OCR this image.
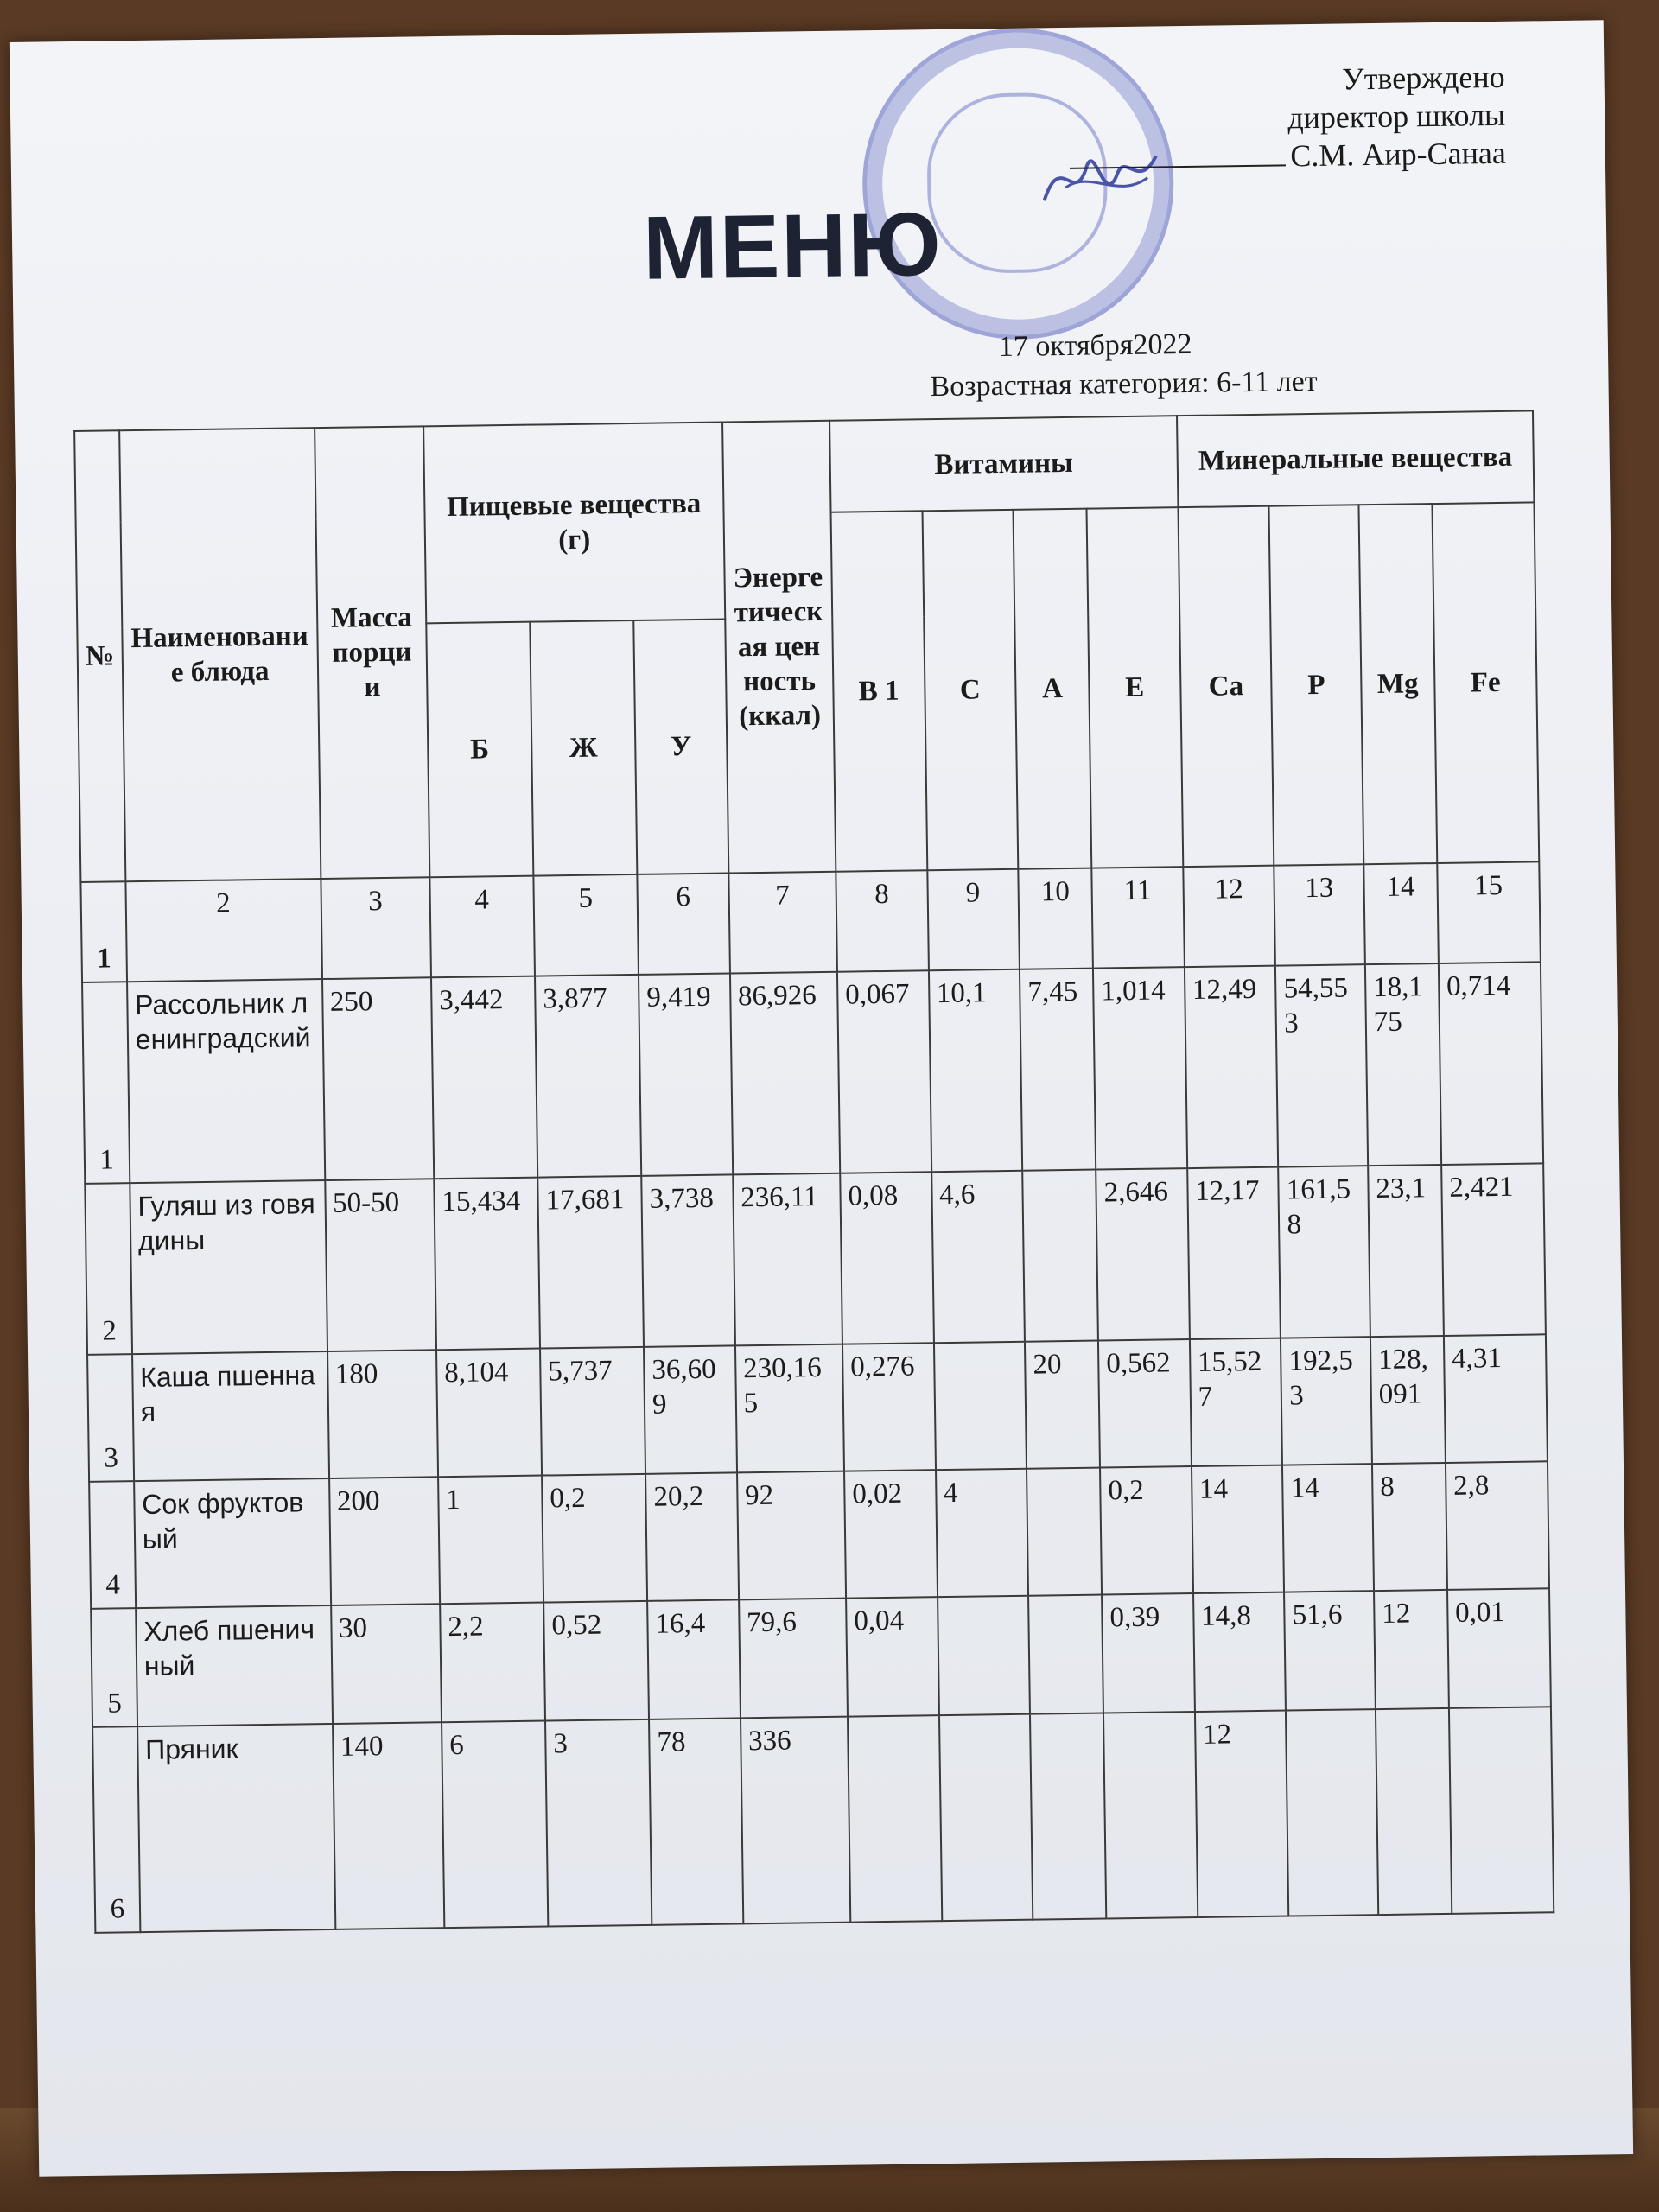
Утверждено
директор школы
С.М. Аир-Санаа
МЕНЮ
17 октября2022
Возрастная категория: 6-11 лет
№	Наименование блюда	Масса порции	Пищевые вещества (г)			Энергетическая ценность (ккал)	Витамины				Минеральные вещества			
							В 1	С	А	Е	Ca	Р	Мg	Fe
			Б	Ж	У									
1	2	3	4	5	6	7	8	9	10	11	12	13	14	15
1	Рассольник ленинградский	250	3,442	3,877	9,419	86,926	0,067	10,1	7,45	1,014	12,49	54,553	18,175	0,714
2	Гуляш из говядины	50-50	15,434	17,681	3,738	236,11	0,08	4,6		2,646	12,17	161,58	23,1	2,421
3	Каша пшенная	180	8,104	5,737	36,609	230,165	0,276		20	0,562	15,527	192,53	128,091	4,31
4	Сок фруктовый	200	1	0,2	20,2	92	0,02	4		0,2	14	14	8	2,8
5	Хлеб пшеничный	30	2,2	0,52	16,4	79,6	0,04			0,39	14,8	51,6	12	0,01
6	Пряник	140	6	3	78	336					12			
